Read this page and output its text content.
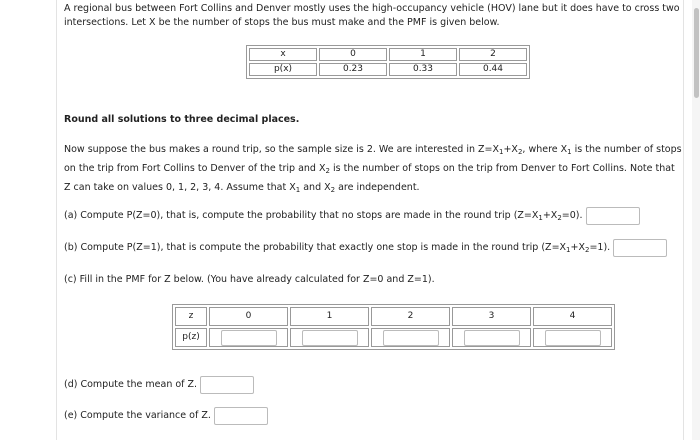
A regional bus between Fort Collins and Denver mostly uses the high-occupancy vehicle (HOV) lane but it does have to cross two
intersections. Let X be the number of stops the bus must make and the PMF is given below.
x	0	1	2
p(x)	0.23	0.33	0.44
Round all solutions to three decimal places.
Now suppose the bus makes a round trip, so the sample size is 2. We are interested in $Z=X_1+X_2$, where $X_1$ is the number of stops
on the trip from Fort Collins to Denver of the trip and $X_2$ is the number of stops on the trip from Denver to Fort Collins. Note that
Z can take on values 0, 1, 2, 3, 4. Assume that $X_1$ and $X_2$ are independent.
(a) Compute P(Z=0), that is, compute the probability that no stops are made in the round trip $(Z=X_1+X_2=0)$.
(b) Compute P(Z=1), that is compute the probability that exactly one stop is made in the round trip $(Z=X_1+X_2=1)$.
(c) Fill in the PMF for Z below. (You have already calculated for Z=0 and Z=1).
z	0	1	2	3	4
p(z)					
(d) Compute the mean of Z.
(e) Compute the variance of Z.
